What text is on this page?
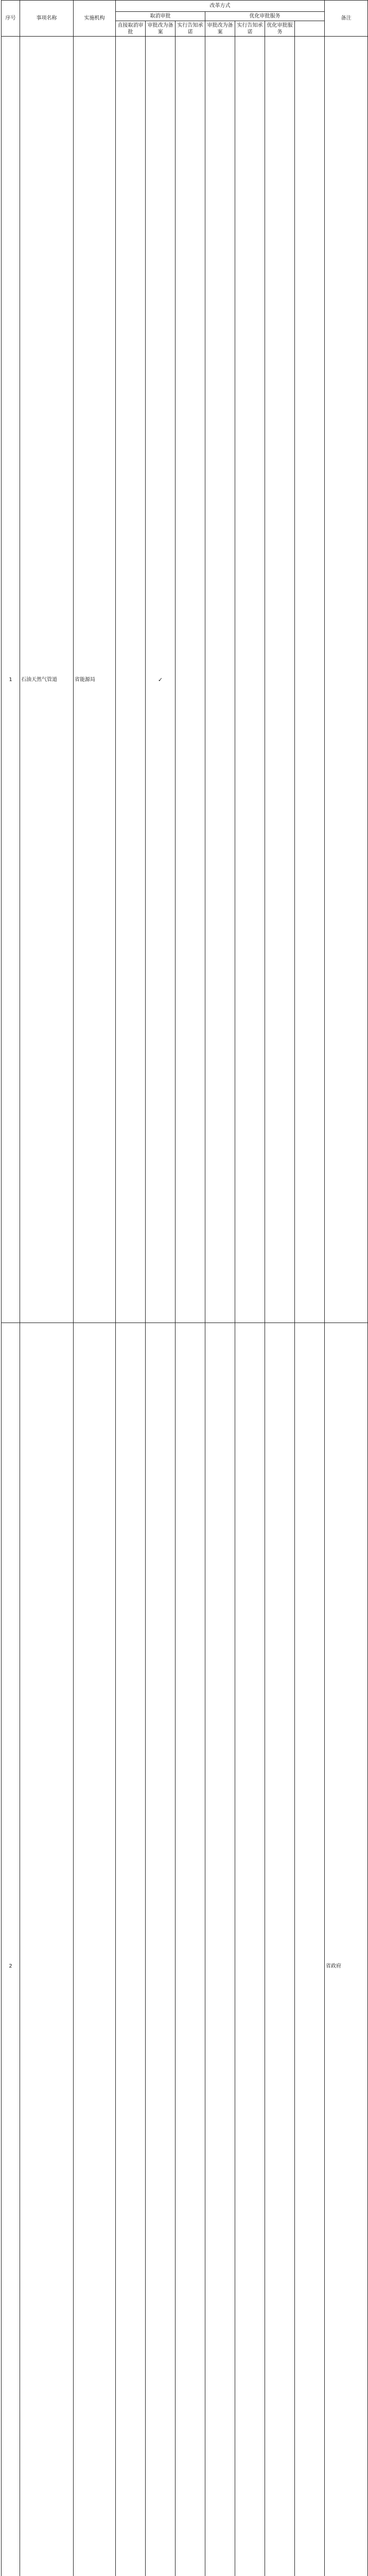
序号	事项名称	实施机构	改革方式							备注
			取消审批			优化审批服务				
			直接取消审批	审批改为备案	实行告知承诺	审批改为备案	实行告知承诺	优化审批服务		
1	石油天然气管道	省能源局		✓						
2										省政府
